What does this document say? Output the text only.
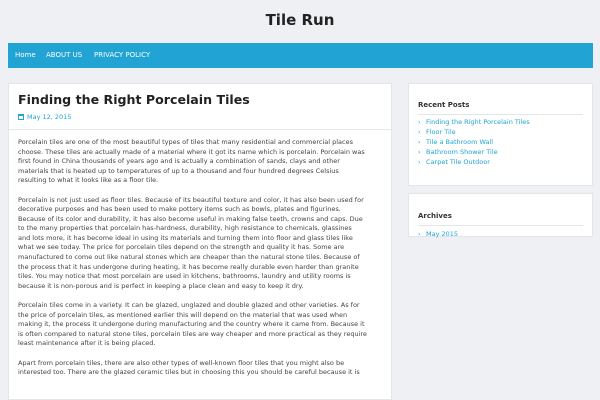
Tile Run
Home ABOUT US PRIVACY POLICY
Finding the Right Porcelain Tiles
May 12, 2015

Porcelain tiles are one of the most beautiful types of tiles that many residential and commercial places
choose. These tiles are actually made of a material where it got its name which is porcelain. Porcelain was
first found in China thousands of years ago and is actually a combination of sands, clays and other
materials that is heated up to temperatures of up to a thousand and four hundred degrees Celsius
resulting to what it looks like as a floor tile.

Porcelain is not just used as floor tiles. Because of its beautiful texture and color, it has also been used for
decorative purposes and has been used to make pottery items such as bowls, plates and figurines.
Because of its color and durability, it has also become useful in making false teeth, crowns and caps. Due
to the many properties that porcelain has-hardness, durability, high resistance to chemicals, glassines
and lots more, it has become ideal in using its materials and turning them into floor and glass tiles like
what we see today. The price for porcelain tiles depend on the strength and quality it has. Some are
manufactured to come out like natural stones which are cheaper than the natural stone tiles. Because of
the process that it has undergone during heating, it has become really durable even harder than granite
tiles. You may notice that most porcelain are used in kitchens, bathrooms, laundry and utility rooms is
because it is non-porous and is perfect in keeping a place clean and easy to keep it dry.

Porcelain tiles come in a variety. It can be glazed, unglazed and double glazed and other varieties. As for
the price of porcelain tiles, as mentioned earlier this will depend on the material that was used when
making it, the process it undergone during manufacturing and the country where it came from. Because it
is often compared to natural stone tiles, porcelain tiles are way cheaper and more practical as they require
least maintenance after it is being placed.

Apart from porcelain tiles, there are also other types of well-known floor tiles that you might also be
interested too. There are the glazed ceramic tiles but in choosing this you should be careful because it is

Recent Posts
› Finding the Right Porcelain Tiles
› Floor Tile
› Tile a Bathroom Wall
› Bathroom Shower Tile
› Carpet Tile Outdoor
Archives
› May 2015
